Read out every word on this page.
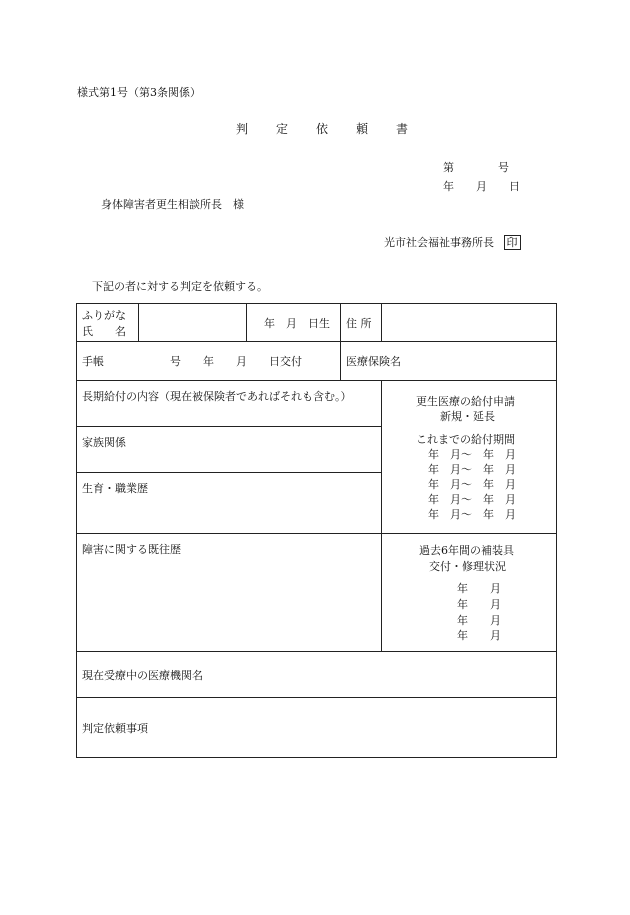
様式第1号（第3条関係）
判　定　依　頼　書
第　　　　号
年　　月　　日
身体障害者更生相談所長　様
光市社会福祉事務所長 印
下記の者に対する判定を依頼する。
ふりがな
氏　　名
年　月　日生 住 所
手帳　　　　　　号　　年　　月　　日交付	医療保険名
長期給付の内容（現在被保険者であればそれも含む。）
家族関係
生育・職業歴
障害に関する既往歴
現在受療中の医療機関名
判定依頼事項
更生医療の給付申請
新規・延長
これまでの給付期間
年　月〜　年　月
年　月〜　年　月
年　月〜　年　月
年　月〜　年　月
年　月〜　年　月
過去6年間の補装具
交付・修理状況
年　　月
年　　月
年　　月
年　　月
